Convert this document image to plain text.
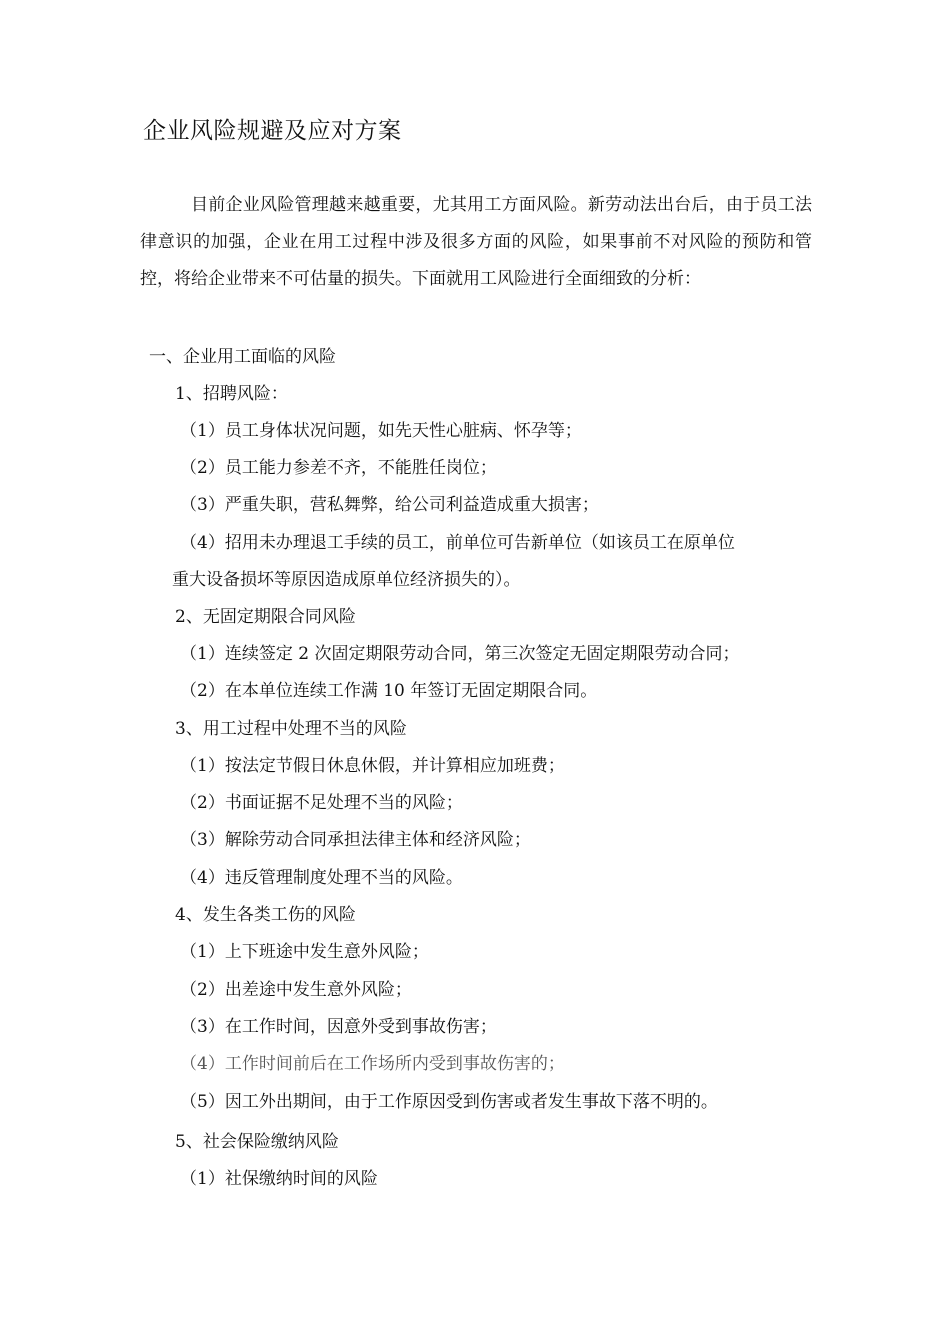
企业风险规避及应对方案

目前企业风险管理越来越重要，尤其用工方面风险。新劳动法出台后，由于员工法律意识的加强，企业在用工过程中涉及很多方面的风险，如果事前不对风险的预防和管控，将给企业带来不可估量的损失。下面就用工风险进行全面细致的分析：

一、企业用工面临的风险
1、招聘风险：
（1）员工身体状况问题，如先天性心脏病、怀孕等；
（2）员工能力参差不齐，不能胜任岗位；
（3）严重失职，营私舞弊，给公司利益造成重大损害；
（4）招用未办理退工手续的员工，前单位可告新单位（如该员工在原单位
重大设备损坏等原因造成原单位经济损失的）。
2、无固定期限合同风险
（1）连续签定 2 次固定期限劳动合同，第三次签定无固定期限劳动合同；
（2）在本单位连续工作满 10 年签订无固定期限合同。
3、用工过程中处理不当的风险
（1）按法定节假日休息休假，并计算相应加班费；
（2）书面证据不足处理不当的风险；
（3）解除劳动合同承担法律主体和经济风险；
（4）违反管理制度处理不当的风险。
4、发生各类工伤的风险
（1）上下班途中发生意外风险；
（2）出差途中发生意外风险；
（3）在工作时间，因意外受到事故伤害；
（4）工作时间前后在工作场所内受到事故伤害的；
（5）因工外出期间，由于工作原因受到伤害或者发生事故下落不明的。
5、社会保险缴纳风险
（1）社保缴纳时间的风险
